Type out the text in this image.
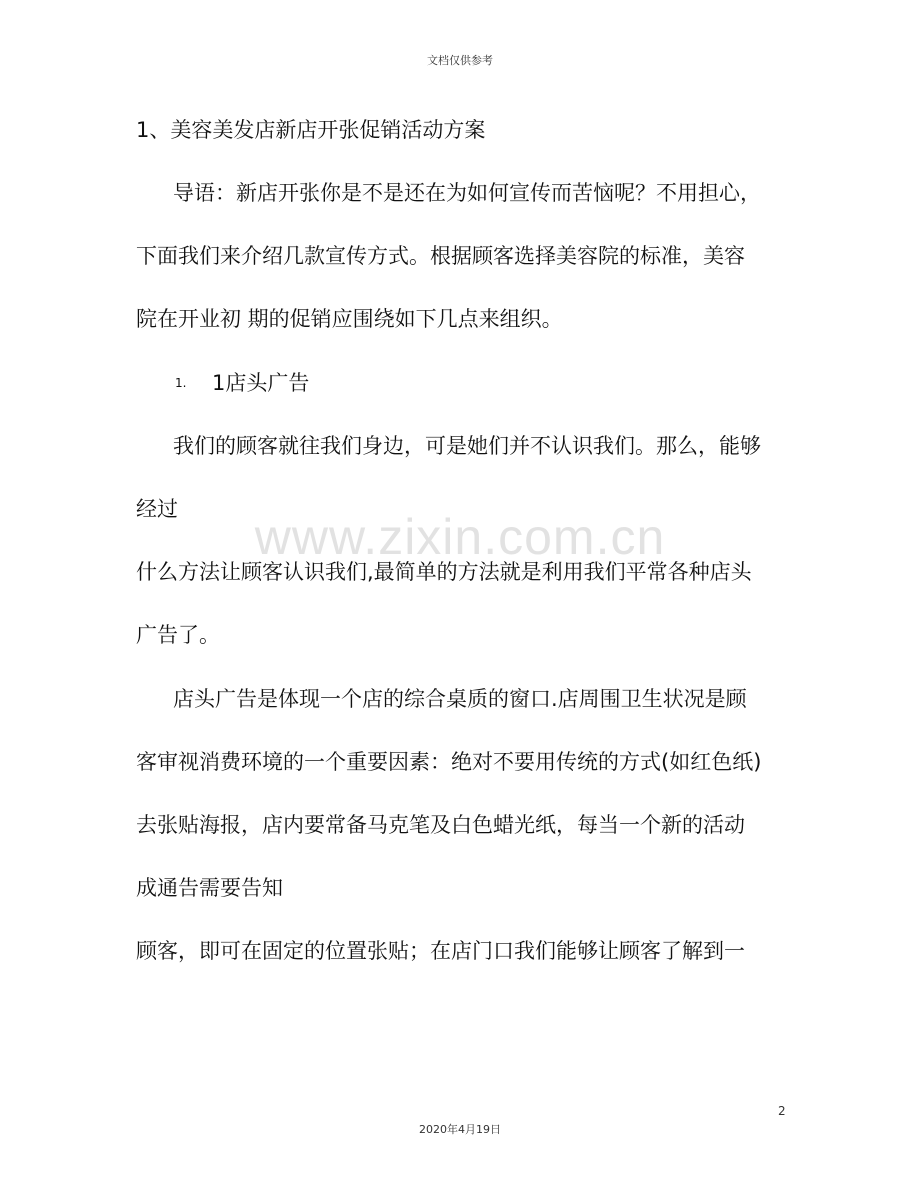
文档仅供参考
1、美容美发店新店开张促销活动方案
导语：新店开张你是不是还在为如何宣传而苦恼呢？不用担心，
下面我们来介绍几款宣传方式。根据顾客选择美容院的标准，美容
院在开业初 期的促销应围绕如下几点来组织。
1. 1店头广告
我们的顾客就往我们身边，可是她们并不认识我们。那么，能够
经过
什么方法让顾客认识我们,最简单的方法就是利用我们平常各种店头
广告了。
店头广告是体现一个店的综合桌质的窗口.店周围卫生状况是顾
客审视消费环境的一个重要因素：绝对不要用传统的方式(如红色纸)
去张贴海报，店内要常备马克笔及白色蜡光纸，每当一个新的活动
成通告需要告知
顾客，即可在固定的位置张贴；在店门口我们能够让顾客了解到一
www.zixin.com.cn
2
2020年4月19日
